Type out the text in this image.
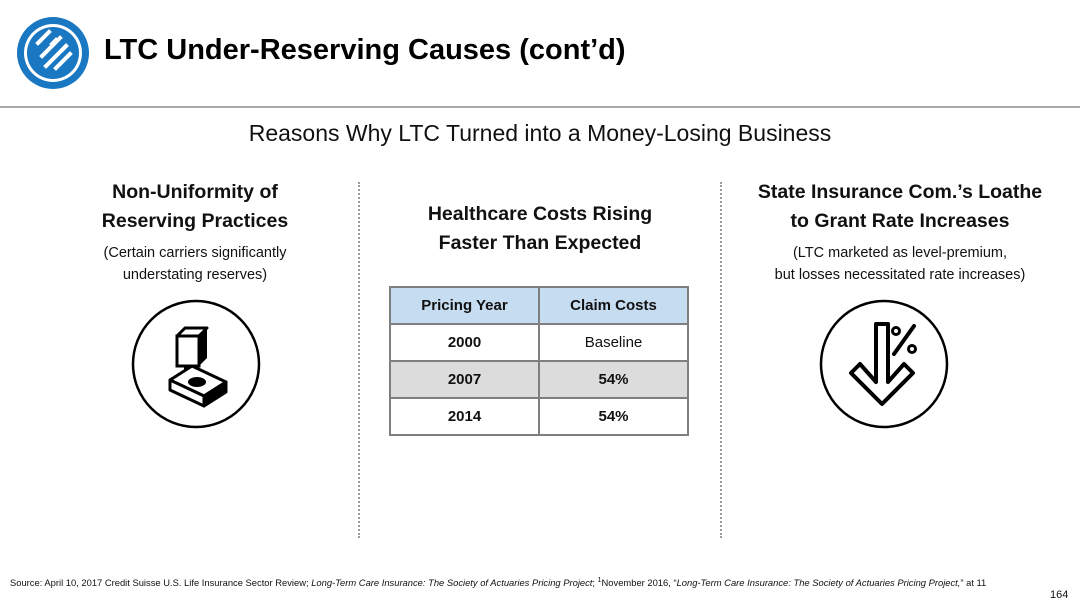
LTC Under-Reserving Causes (cont’d)
Reasons Why LTC Turned into a Money-Losing Business
Non-Uniformity of
Reserving Practices
(Certain carriers significantly
understating reserves)
Healthcare Costs Rising
Faster Than Expected
Pricing Year	Claim Costs
2000	Baseline
2007	54%
2014	54%
State Insurance Com.’s Loathe
to Grant Rate Increases
(LTC marketed as level-premium,
but losses necessitated rate increases)
Source: April 10, 2017 Credit Suisse U.S. Life Insurance Sector Review; Long-Term Care Insurance: The Society of Actuaries Pricing Project; $^1$November 2016, “Long-Term Care Insurance: The Society of Actuaries Pricing Project,” at 11
164
